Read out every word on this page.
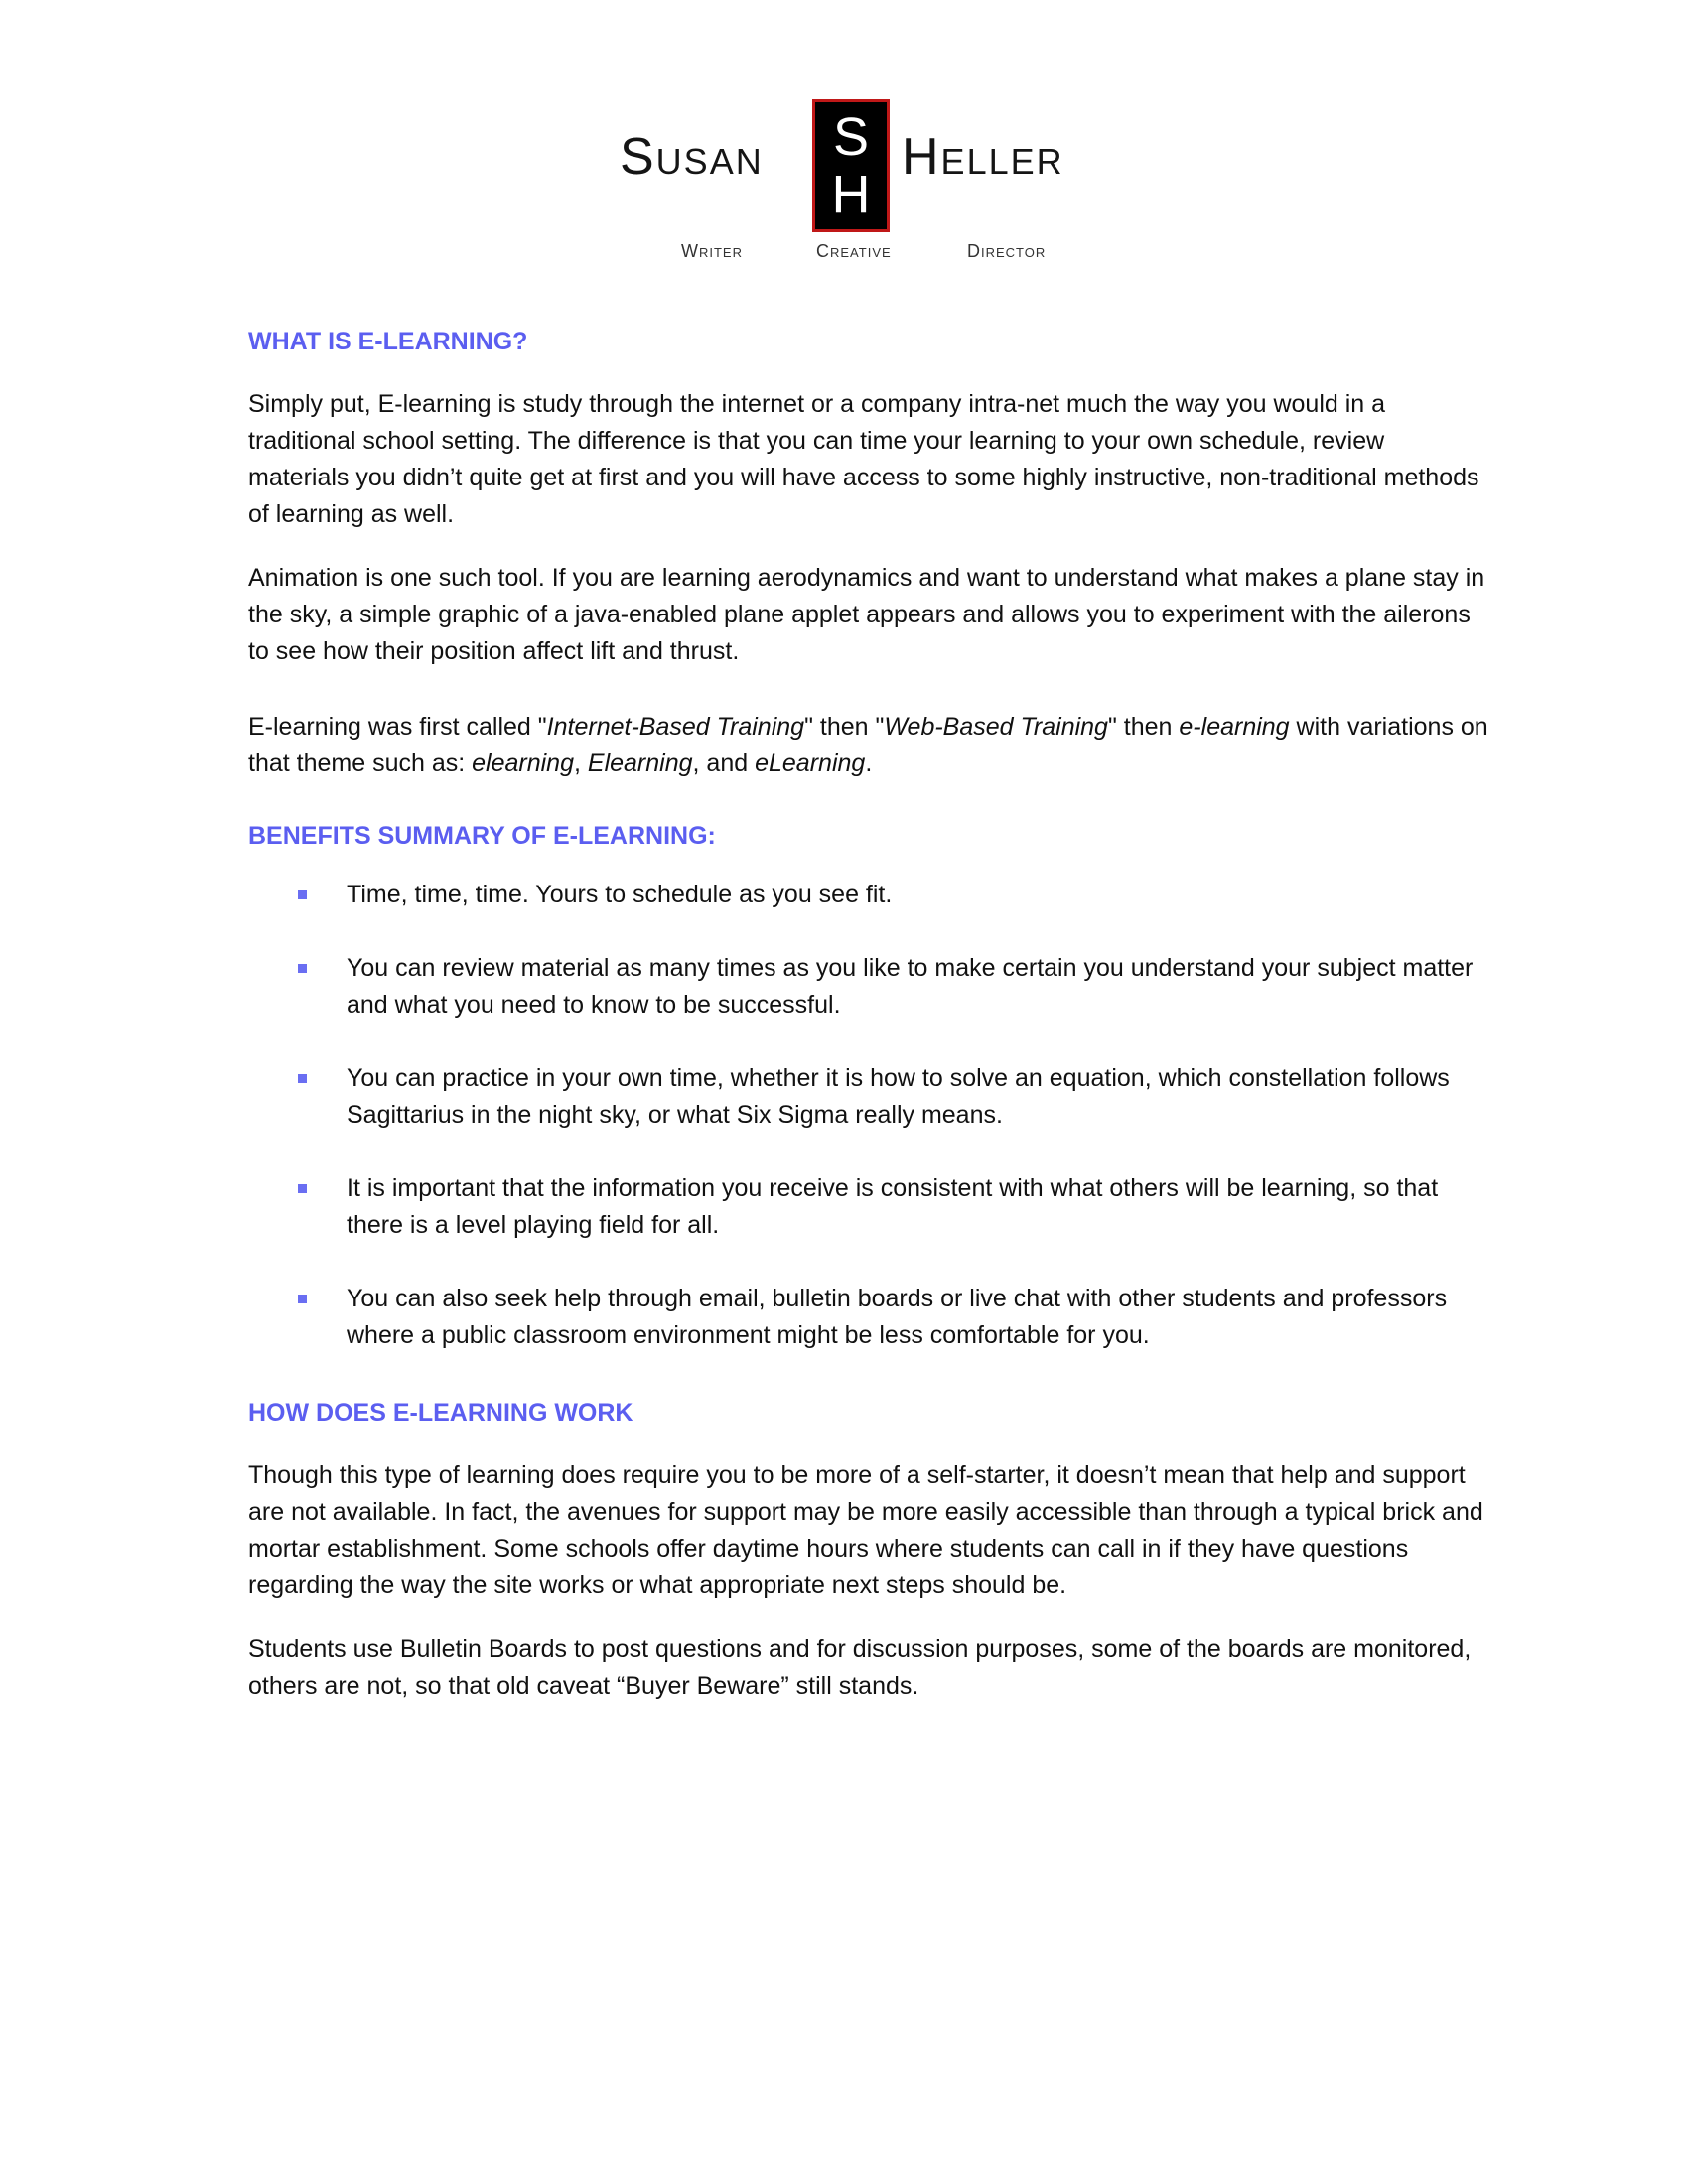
Susan	S
H
Heller
Writer	Creative	Director
WHAT IS E-LEARNING?

Simply put, E-learning is study through the internet or a company intra-net much the way you would in a traditional school setting. The difference is that you can time your learning to your own schedule, review materials you didn’t quite get at first and you will have access to some highly instructive, non-traditional methods of learning as well.

Animation is one such tool. If you are learning aerodynamics and want to understand what makes a plane stay in the sky, a simple graphic of a java-enabled plane applet appears and allows you to experiment with the ailerons to see how their position affect lift and thrust.

E-learning was first called "Internet-Based Training" then "Web-Based Training" then e-learning with variations on that theme such as: elearning, Elearning, and eLearning.

BENEFITS SUMMARY OF E-LEARNING:
Time, time, time. Yours to schedule as you see fit.
You can review material as many times as you like to make certain you understand your subject matter and what you need to know to be successful.
You can practice in your own time, whether it is how to solve an equation, which constellation follows Sagittarius in the night sky, or what Six Sigma really means.
It is important that the information you receive is consistent with what others will be learning, so that there is a level playing field for all.
You can also seek help through email, bulletin boards or live chat with other students and professors where a public classroom environment might be less comfortable for you.
HOW DOES E-LEARNING WORK

Though this type of learning does require you to be more of a self-starter, it doesn’t mean that help and support are not available. In fact, the avenues for support may be more easily accessible than through a typical brick and mortar establishment. Some schools offer daytime hours where students can call in if they have questions regarding the way the site works or what appropriate next steps should be.

Students use Bulletin Boards to post questions and for discussion purposes, some of the boards are monitored, others are not, so that old caveat “Buyer Beware” still stands.
